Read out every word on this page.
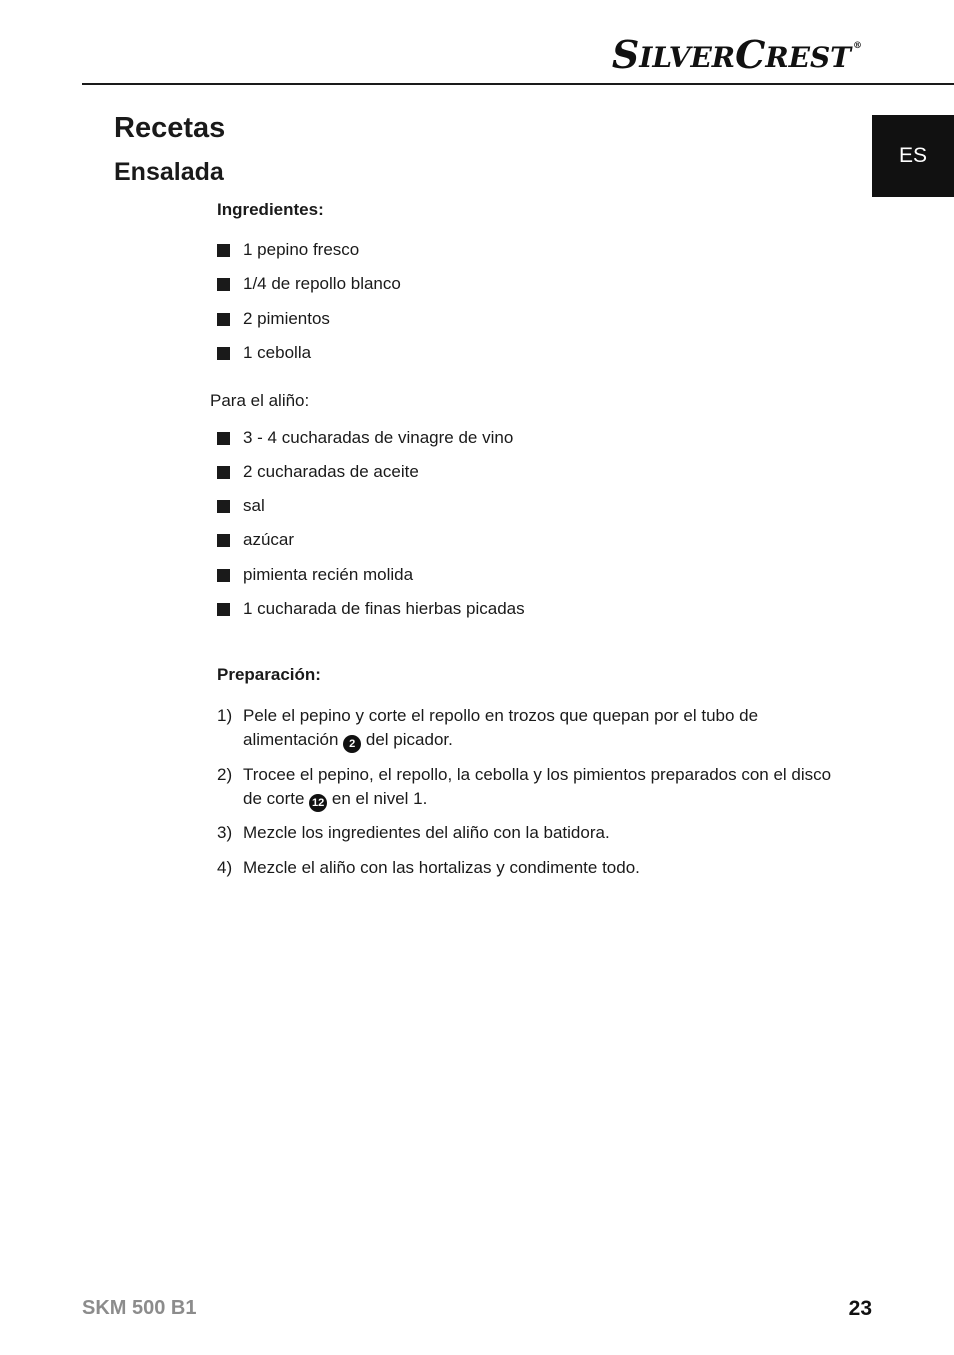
S ILVER C REST ®
ES
Recetas
Ensalada
Ingredientes:
1 pepino fresco
1/4 de repollo blanco
2 pimientos
1 cebolla
Para el aliño:
3 - 4 cucharadas de vinagre de vino
2 cucharadas de aceite
sal
azúcar
pimienta recién molida
1 cucharada de finas hierbas picadas
Preparación:
1) Pele el pepino y corte el repollo en trozos que quepan por el tubo de alimentación 2 del picador.
2) Trocee el pepino, el repollo, la cebolla y los pimientos preparados con el disco de corte 12 en el nivel 1.
3) Mezcle los ingredientes del aliño con la batidora.
4) Mezcle el aliño con las hortalizas y condimente todo.
SKM 500 B1	23
